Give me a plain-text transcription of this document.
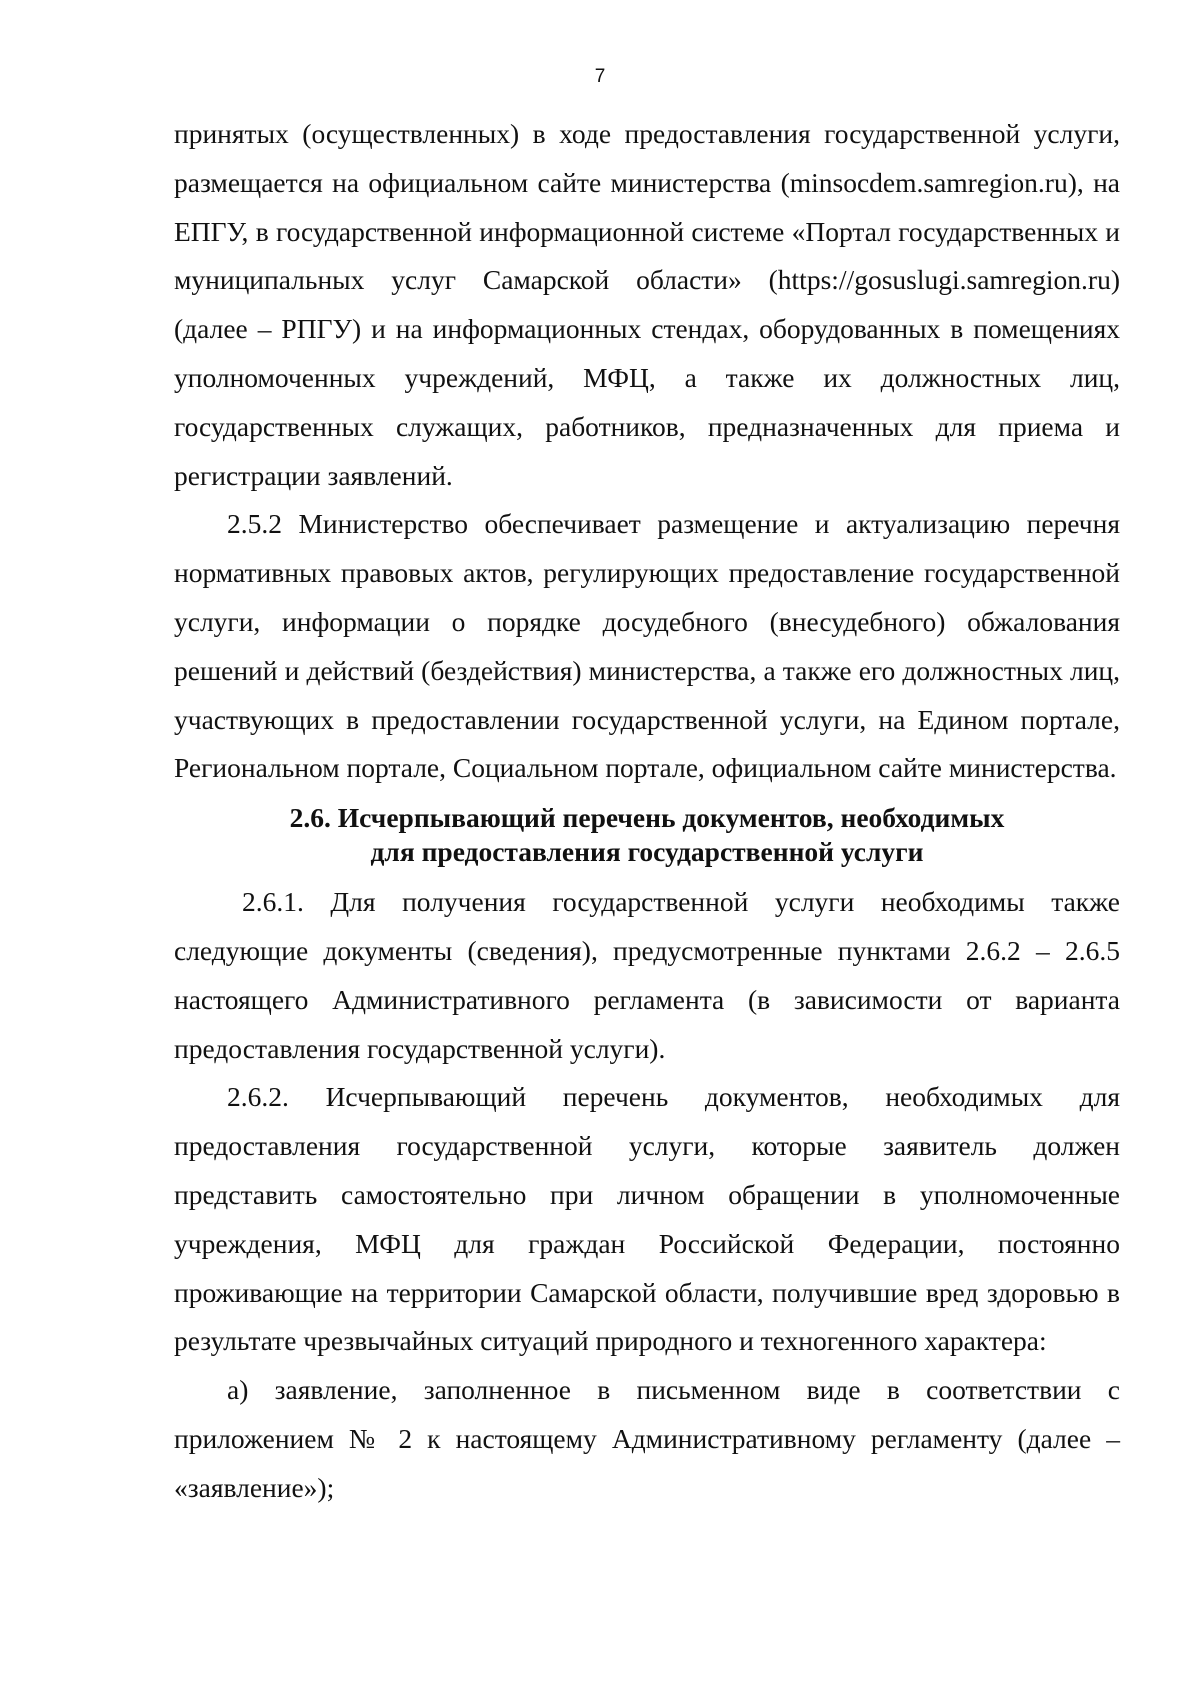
7

принятых (осуществленных) в ходе предоставления государственной услуги, размещается на официальном сайте министерства (minsocdem.samregion.ru), на ЕПГУ, в государственной информационной системе «Портал государственных и муниципальных услуг Самарской области» (https://gosuslugi.samregion.ru) (далее – РПГУ) и на информационных стендах, оборудованных в помещениях уполномоченных учреждений, МФЦ, а также их должностных лиц, государственных служащих, работников, предназначенных для приема и регистрации заявлений.

2.5.2 Министерство обеспечивает размещение и актуализацию перечня нормативных правовых актов, регулирующих предоставление государственной услуги, информации о порядке досудебного (внесудебного) обжалования решений и действий (бездействия) министерства, а также его должностных лиц, участвующих в предоставлении государственной услуги, на Едином портале, Региональном портале, Социальном портале, официальном сайте министерства.

2.6. Исчерпывающий перечень документов, необходимых
для предоставления государственной услуги

2.6.1. Для получения государственной услуги необходимы также следующие документы (сведения), предусмотренные пунктами 2.6.2 – 2.6.5 настоящего Административного регламента (в зависимости от варианта предоставления государственной услуги).

2.6.2. Исчерпывающий перечень документов, необходимых для предоставления государственной услуги, которые заявитель должен представить самостоятельно при личном обращении в уполномоченные учреждения, МФЦ для граждан Российской Федерации, постоянно проживающие на территории Самарской области, получившие вред здоровью в результате чрезвычайных ситуаций природного и техногенного характера:

а) заявление, заполненное в письменном виде в соответствии с приложением № 2 к настоящему Административному регламенту (далее – «заявление»);
